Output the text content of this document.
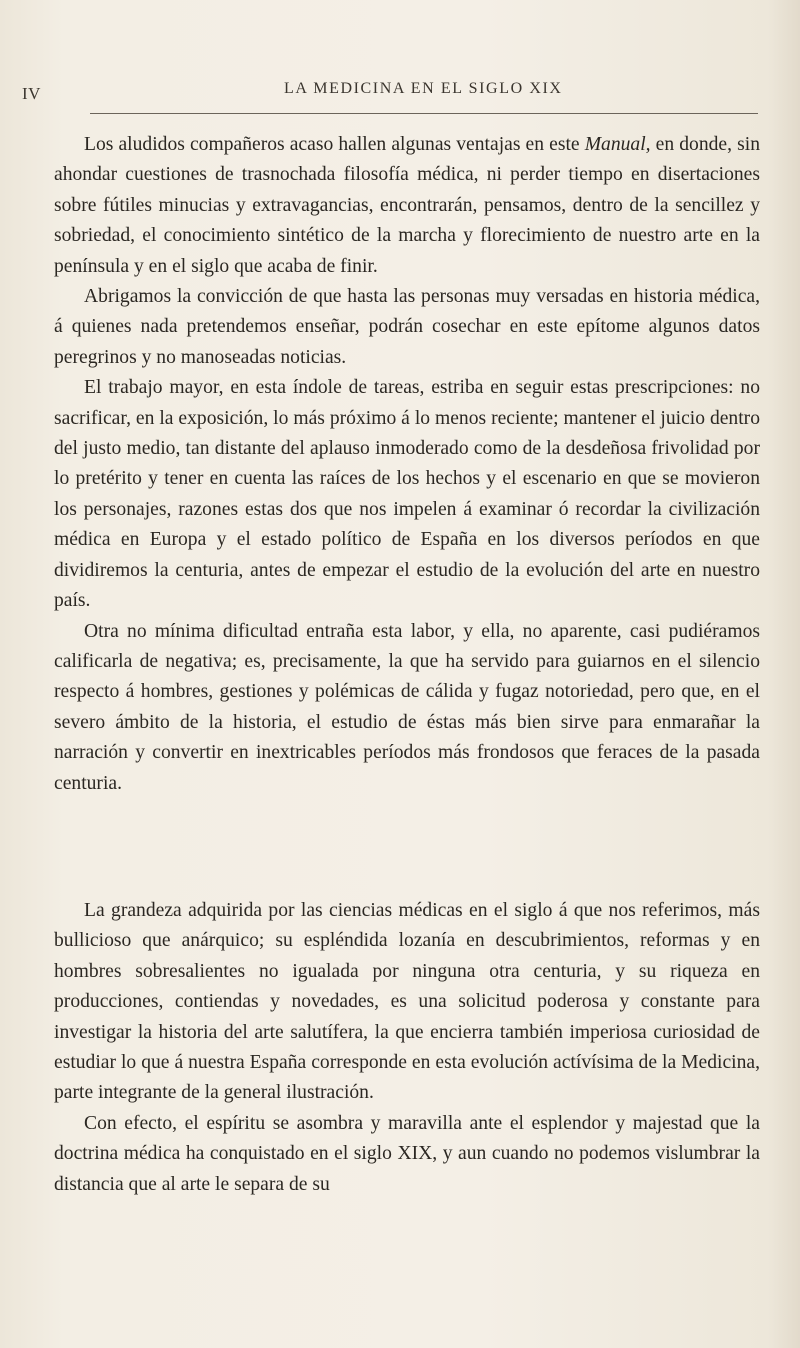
IV	LA MEDICINA EN EL SIGLO XIX

Los aludidos compañeros acaso hallen algunas ventajas en este Manual, en donde, sin ahondar cuestiones de trasnochada filosofía médica, ni perder tiempo en disertaciones sobre fútiles minucias y extravagancias, encontrarán, pensamos, dentro de la sencillez y sobriedad, el conocimiento sintético de la marcha y florecimiento de nuestro arte en la península y en el siglo que acaba de finir.

Abrigamos la convicción de que hasta las personas muy versadas en historia médica, á quienes nada pretendemos enseñar, podrán cosechar en este epítome algunos datos peregrinos y no manoseadas noticias.

El trabajo mayor, en esta índole de tareas, estriba en seguir estas prescripciones: no sacrificar, en la exposición, lo más próximo á lo menos reciente; mantener el juicio dentro del justo medio, tan distante del aplauso inmoderado como de la desdeñosa frivolidad por lo pretérito y tener en cuenta las raíces de los hechos y el escenario en que se movieron los personajes, razones estas dos que nos impelen á examinar ó recordar la civilización médica en Europa y el estado político de España en los diversos períodos en que dividiremos la centuria, antes de empezar el estudio de la evolución del arte en nuestro país.

Otra no mínima dificultad entraña esta labor, y ella, no aparente, casi pudiéramos calificarla de negativa; es, precisamente, la que ha servido para guiarnos en el silencio respecto á hombres, gestiones y polémicas de cálida y fugaz notoriedad, pero que, en el severo ámbito de la historia, el estudio de éstas más bien sirve para enmarañar la narración y convertir en inextricables períodos más frondosos que feraces de la pasada centuria.

La grandeza adquirida por las ciencias médicas en el siglo á que nos referimos, más bullicioso que anárquico; su espléndida lozanía en descubrimientos, reformas y en hombres sobresalientes no igualada por ninguna otra centuria, y su riqueza en producciones, contiendas y novedades, es una solicitud poderosa y constante para investigar la historia del arte salutífera, la que encierra también imperiosa curiosidad de estudiar lo que á nuestra España corresponde en esta evolución actívísima de la Medicina, parte integrante de la general ilustración.

Con efecto, el espíritu se asombra y maravilla ante el esplendor y majestad que la doctrina médica ha conquistado en el siglo XIX, y aun cuando no podemos vislumbrar la distancia que al arte le separa de su
